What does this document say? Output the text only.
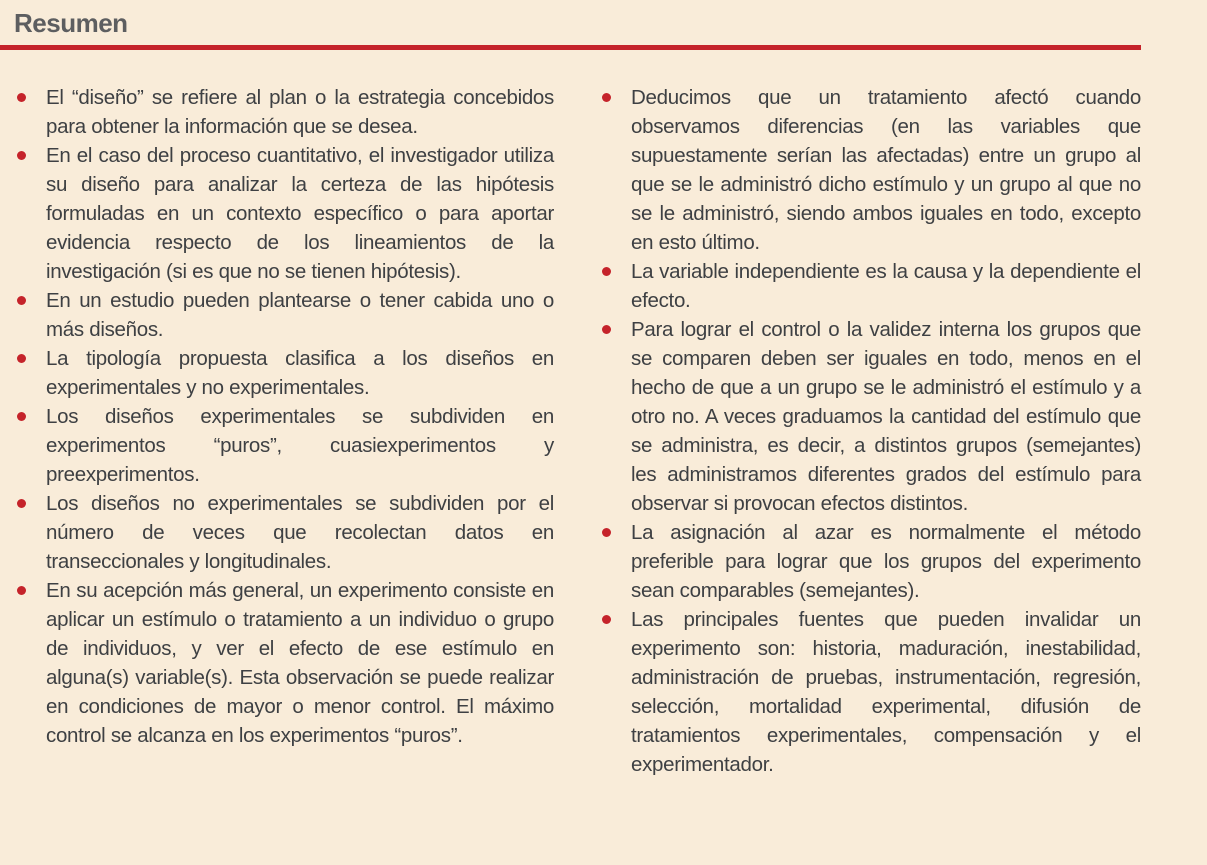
Resumen
El “diseño” se refiere al plan o la estrategia concebidos para obtener la información que se desea.
En el caso del proceso cuantitativo, el investigador utiliza su diseño para analizar la certeza de las hipótesis formuladas en un contexto específico o para aportar evidencia respecto de los lineamientos de la investigación (si es que no se tienen hipótesis).
En un estudio pueden plantearse o tener cabida uno o más diseños.
La tipología propuesta clasifica a los diseños en experimentales y no experimentales.
Los diseños experimentales se subdividen en experimentos “puros”, cuasiexperimentos y preexperimentos.
Los diseños no experimentales se subdividen por el número de veces que recolectan datos en transeccionales y longitudinales.
En su acepción más general, un experimento consiste en aplicar un estímulo o tratamiento a un individuo o grupo de individuos, y ver el efecto de ese estímulo en alguna(s) variable(s). Esta observación se puede realizar en condiciones de mayor o menor control. El máximo control se alcanza en los experimentos “puros”.
Deducimos que un tratamiento afectó cuando observamos diferencias (en las variables que supuestamente serían las afectadas) entre un grupo al que se le administró dicho estímulo y un grupo al que no se le administró, siendo ambos iguales en todo, excepto en esto último.
La variable independiente es la causa y la dependiente el efecto.
Para lograr el control o la validez interna los grupos que se comparen deben ser iguales en todo, menos en el hecho de que a un grupo se le administró el estímulo y a otro no. A veces graduamos la cantidad del estímulo que se administra, es decir, a distintos grupos (semejantes) les administramos diferentes grados del estímulo para observar si provocan efectos distintos.
La asignación al azar es normalmente el método preferible para lograr que los grupos del experimento sean comparables (semejantes).
Las principales fuentes que pueden invalidar un experimento son: historia, maduración, inestabilidad, administración de pruebas, instrumentación, regresión, selección, mortalidad experimental, difusión de tratamientos experimentales, compensación y el experimentador.
